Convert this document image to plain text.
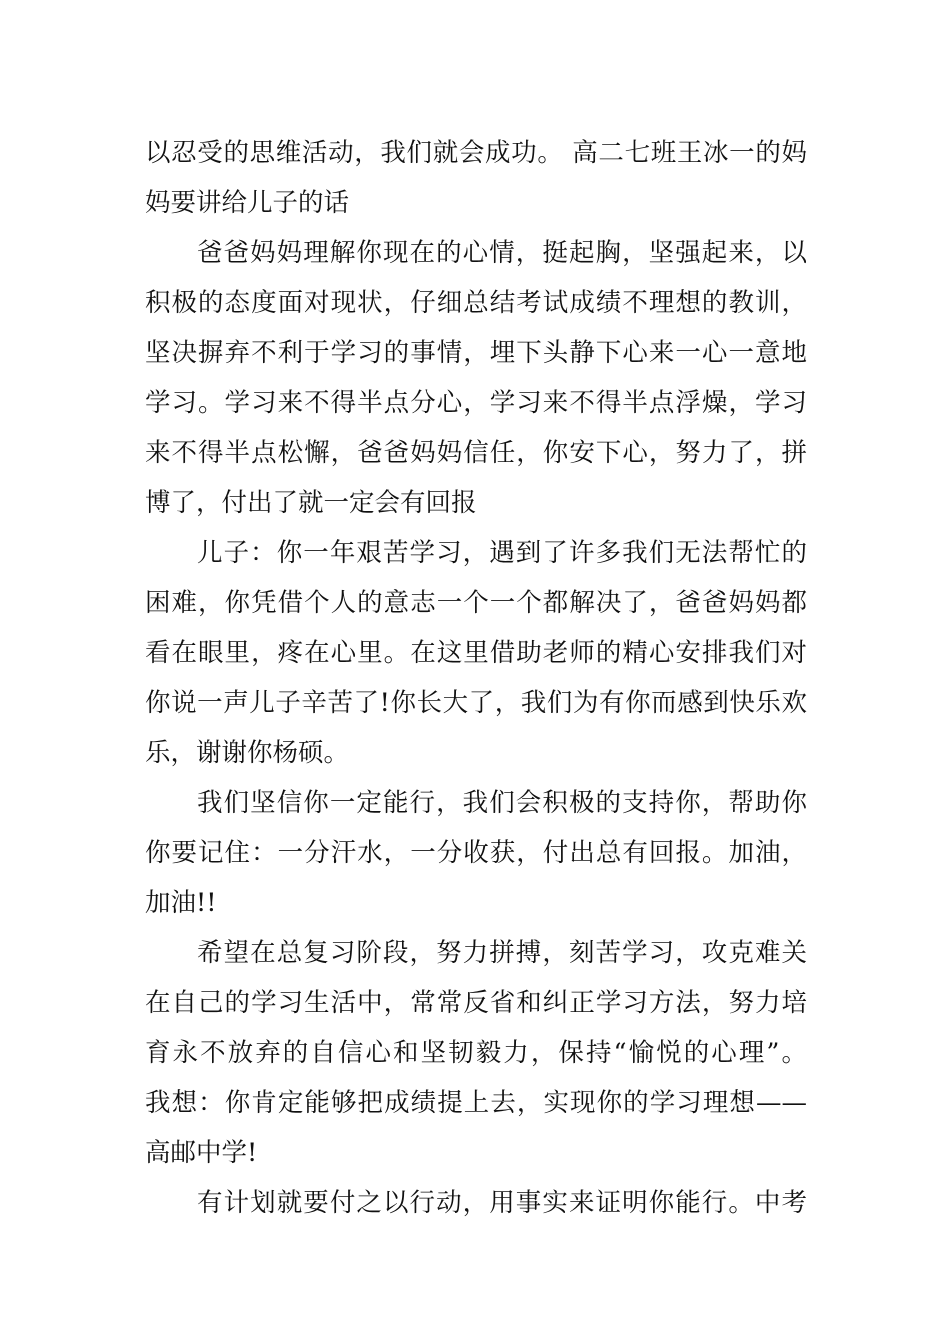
以忍受的思维活动，我们就会成功。 高二七班王冰一的妈
妈要讲给儿子的话
爸爸妈妈理解你现在的心情，挺起胸，坚强起来，以
积极的态度面对现状，仔细总结考试成绩不理想的教训，
坚决摒弃不利于学习的事情，埋下头静下心来一心一意地
学习。学习来不得半点分心，学习来不得半点浮燥，学习
来不得半点松懈，爸爸妈妈信任，你安下心，努力了，拼
博了，付出了就一定会有回报
儿子：你一年艰苦学习，遇到了许多我们无法帮忙的
困难，你凭借个人的意志一个一个都解决了，爸爸妈妈都
看在眼里，疼在心里。在这里借助老师的精心安排我们对
你说一声儿子辛苦了!你长大了，我们为有你而感到快乐欢
乐，谢谢你杨硕。
我们坚信你一定能行，我们会积极的支持你，帮助你
你要记住：一分汗水，一分收获，付出总有回报。加油，
加油!!
希望在总复习阶段，努力拼搏，刻苦学习，攻克难关
在自己的学习生活中，常常反省和纠正学习方法，努力培
育永不放弃的自信心和坚韧毅力，保持“愉悦的心理”。
我想：你肯定能够把成绩提上去，实现你的学习理想——
高邮中学!
有计划就要付之以行动，用事实来证明你能行。中考
